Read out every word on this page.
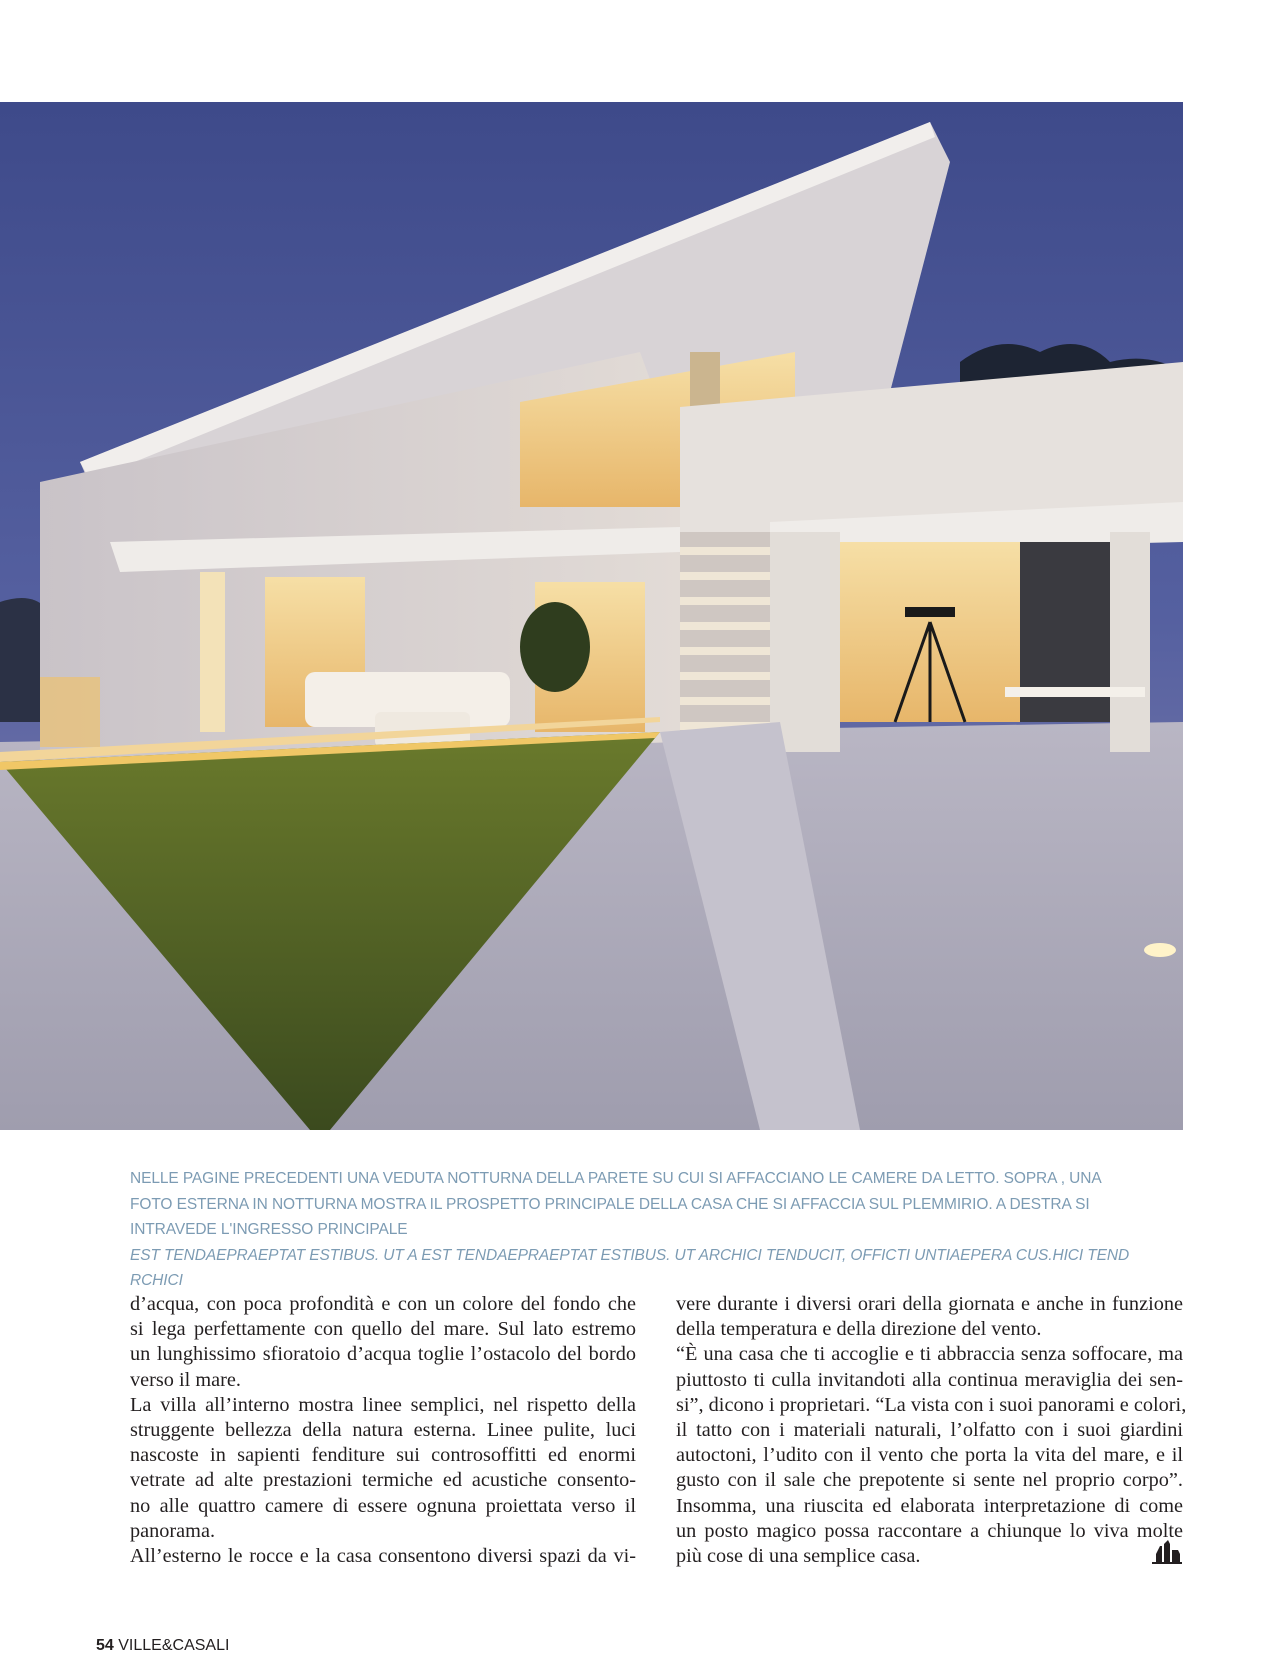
NELLE PAGINE PRECEDENTI UNA VEDUTA NOTTURNA DELLA PARETE SU CUI SI AFFACCIANO LE CAMERE DA LETTO. SOPRA , UNA FOTO ESTERNA IN NOTTURNA MOSTRA IL PROSPETTO PRINCIPALE DELLA CASA CHE SI AFFACCIA SUL PLEMMIRIO. A DESTRA SI INTRAVEDE L'INGRESSO PRINCIPALE
EST TENDAEPRAEPTAT ESTIBUS. UT A EST TENDAEPRAEPTAT ESTIBUS. UT ARCHICI TENDUCIT, OFFICTI UNTIAEPERA CUS.HICI TEND RCHICI
d’acqua, con poca profondità e con un colore del fondo che
si lega perfettamente con quello del mare. Sul lato estremo
un lunghissimo sfioratoio d’acqua toglie l’ostacolo del bordo
verso il mare.
La villa all’interno mostra linee semplici, nel rispetto della
struggente bellezza della natura esterna. Linee pulite, luci
nascoste in sapienti fenditure sui controsoffitti ed enormi
vetrate ad alte prestazioni termiche ed acustiche consento-
no alle quattro camere di essere ognuna proiettata verso il
panorama.
All’esterno le rocce e la casa consentono diversi spazi da vi-
vere durante i diversi orari della giornata e anche in funzione
della temperatura e della direzione del vento.
“È una casa che ti accoglie e ti abbraccia senza soffocare, ma
piuttosto ti culla invitandoti alla continua meraviglia dei sen-
si”, dicono i proprietari. “La vista con i suoi panorami e colori,
il tatto con i materiali naturali, l’olfatto con i suoi giardini
autoctoni, l’udito con il vento che porta la vita del mare, e il
gusto con il sale che prepotente si sente nel proprio corpo”.
Insomma, una riuscita ed elaborata interpretazione di come
un posto magico possa raccontare a chiunque lo viva molte
più cose di una semplice casa.
54 VILLE&CASALI
